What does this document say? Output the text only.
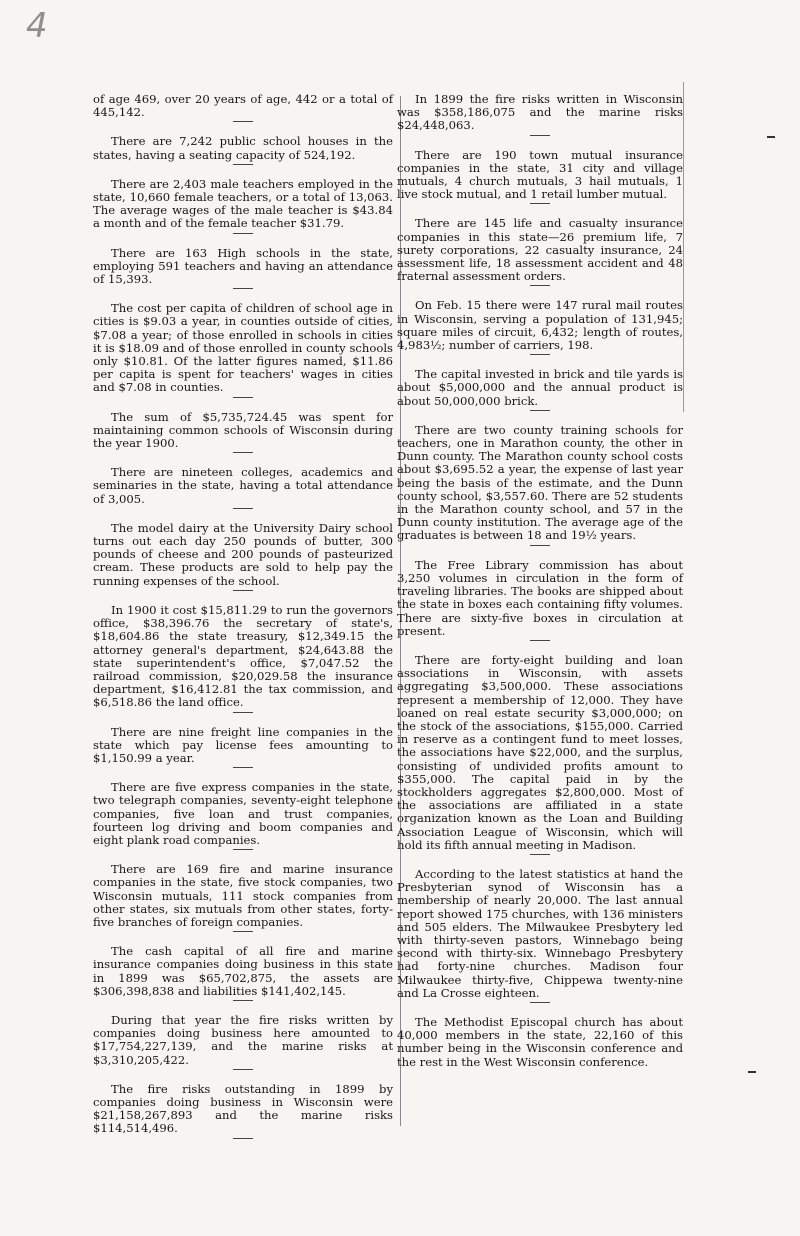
4

of age 469, over 20 years of age, 442 or a total of 445,142.

There are 7,242 public school houses in the states, having a seating capacity of 524,192.

There are 2,403 male teachers employed in the state, 10,660 female teachers, or a total of 13,063. The average wages of the male teacher is $43.84 a month and of the female teacher $31.79.

There are 163 High schools in the state, employing 591 teachers and having an attendance of 15,393.

The cost per capita of children of school age in cities is $9.03 a year, in counties outside of cities, $7.08 a year; of those enrolled in schools in cities it is $18.09 and of those enrolled in county schools only $10.81. Of the latter figures named, $11.86 per capita is spent for teachers' wages in cities and $7.08 in counties.

The sum of $5,735,724.45 was spent for maintaining common schools of Wisconsin during the year 1900.

There are nineteen colleges, academics and seminaries in the state, having a total attendance of 3,005.

The model dairy at the University Dairy school turns out each day 250 pounds of butter, 300 pounds of cheese and 200 pounds of pasteurized cream. These products are sold to help pay the running expenses of the school.

In 1900 it cost $15,811.29 to run the governors office, $38,396.76 the secretary of state's, $18,604.86 the state treasury, $12,349.15 the attorney general's department, $24,643.88 the state superintendent's office, $7,047.52 the railroad commission, $20,029.58 the insurance department, $16,412.81 the tax commission, and $6,518.86 the land office.

There are nine freight line companies in the state which pay license fees amounting to $1,150.99 a year.

There are five express companies in the state, two telegraph companies, seventy-eight telephone companies, five loan and trust companies, fourteen log driving and boom companies and eight plank road companies.

There are 169 fire and marine insurance companies in the state, five stock companies, two Wisconsin mutuals, 111 stock companies from other states, six mutuals from other states, forty-five branches of foreign companies.

The cash capital of all fire and marine insurance companies doing business in this state in 1899 was $65,702,875, the assets are $306,398,838 and liabilities $141,402,145.

During that year the fire risks written by companies doing business here amounted to $17,754,227,139, and the marine risks at $3,310,205,422.

The fire risks outstanding in 1899 by companies doing business in Wisconsin were $21,158,267,893 and the marine risks $114,514,496.

In 1899 the fire risks written in Wisconsin was $358,186,075 and the marine risks $24,448,063.

There are 190 town mutual insurance companies in the state, 31 city and village mutuals, 4 church mutuals, 3 hail mutuals, 1 live stock mutual, and 1 retail lumber mutual.

There are 145 life and casualty insurance companies in this state—26 premium life, 7 surety corporations, 22 casualty insurance, 24 assessment life, 18 assessment accident and 48 fraternal assessment orders.

On Feb. 15 there were 147 rural mail routes in Wisconsin, serving a population of 131,945; square miles of circuit, 6,432; length of routes, 4,983½; number of carriers, 198.

The capital invested in brick and tile yards is about $5,000,000 and the annual product is about 50,000,000 brick.

There are two county training schools for teachers, one in Marathon county, the other in Dunn county. The Marathon county school costs about $3,695.52 a year, the expense of last year being the basis of the estimate, and the Dunn county school, $3,557.60. There are 52 students in the Marathon county school, and 57 in the Dunn county institution. The average age of the graduates is between 18 and 19½ years.

The Free Library commission has about 3,250 volumes in circulation in the form of traveling libraries. The books are shipped about the state in boxes each containing fifty volumes. There are sixty-five boxes in circulation at present.

There are forty-eight building and loan associations in Wisconsin, with assets aggregating $3,500,000. These associations represent a membership of 12,000. They have loaned on real estate security $3,000,000; on the stock of the associations, $155,000. Carried in reserve as a contingent fund to meet losses, the associations have $22,000, and the surplus, consisting of undivided profits amount to $355,000. The capital paid in by the stockholders aggregates $2,800,000. Most of the associations are affiliated in a state organization known as the Loan and Building Association League of Wisconsin, which will hold its fifth annual meeting in Madison.

According to the latest statistics at hand the Presbyterian synod of Wisconsin has a membership of nearly 20,000. The last annual report showed 175 churches, with 136 ministers and 505 elders. The Milwaukee Presbytery led with thirty-seven pastors, Winnebago being second with thirty-six. Winnebago Presbytery had forty-nine churches. Madison four Milwaukee thirty-five, Chippewa twenty-nine and La Crosse eighteen.

The Methodist Episcopal church has about 40,000 members in the state, 22,160 of this number being in the Wisconsin conference and the rest in the West Wisconsin conference.
